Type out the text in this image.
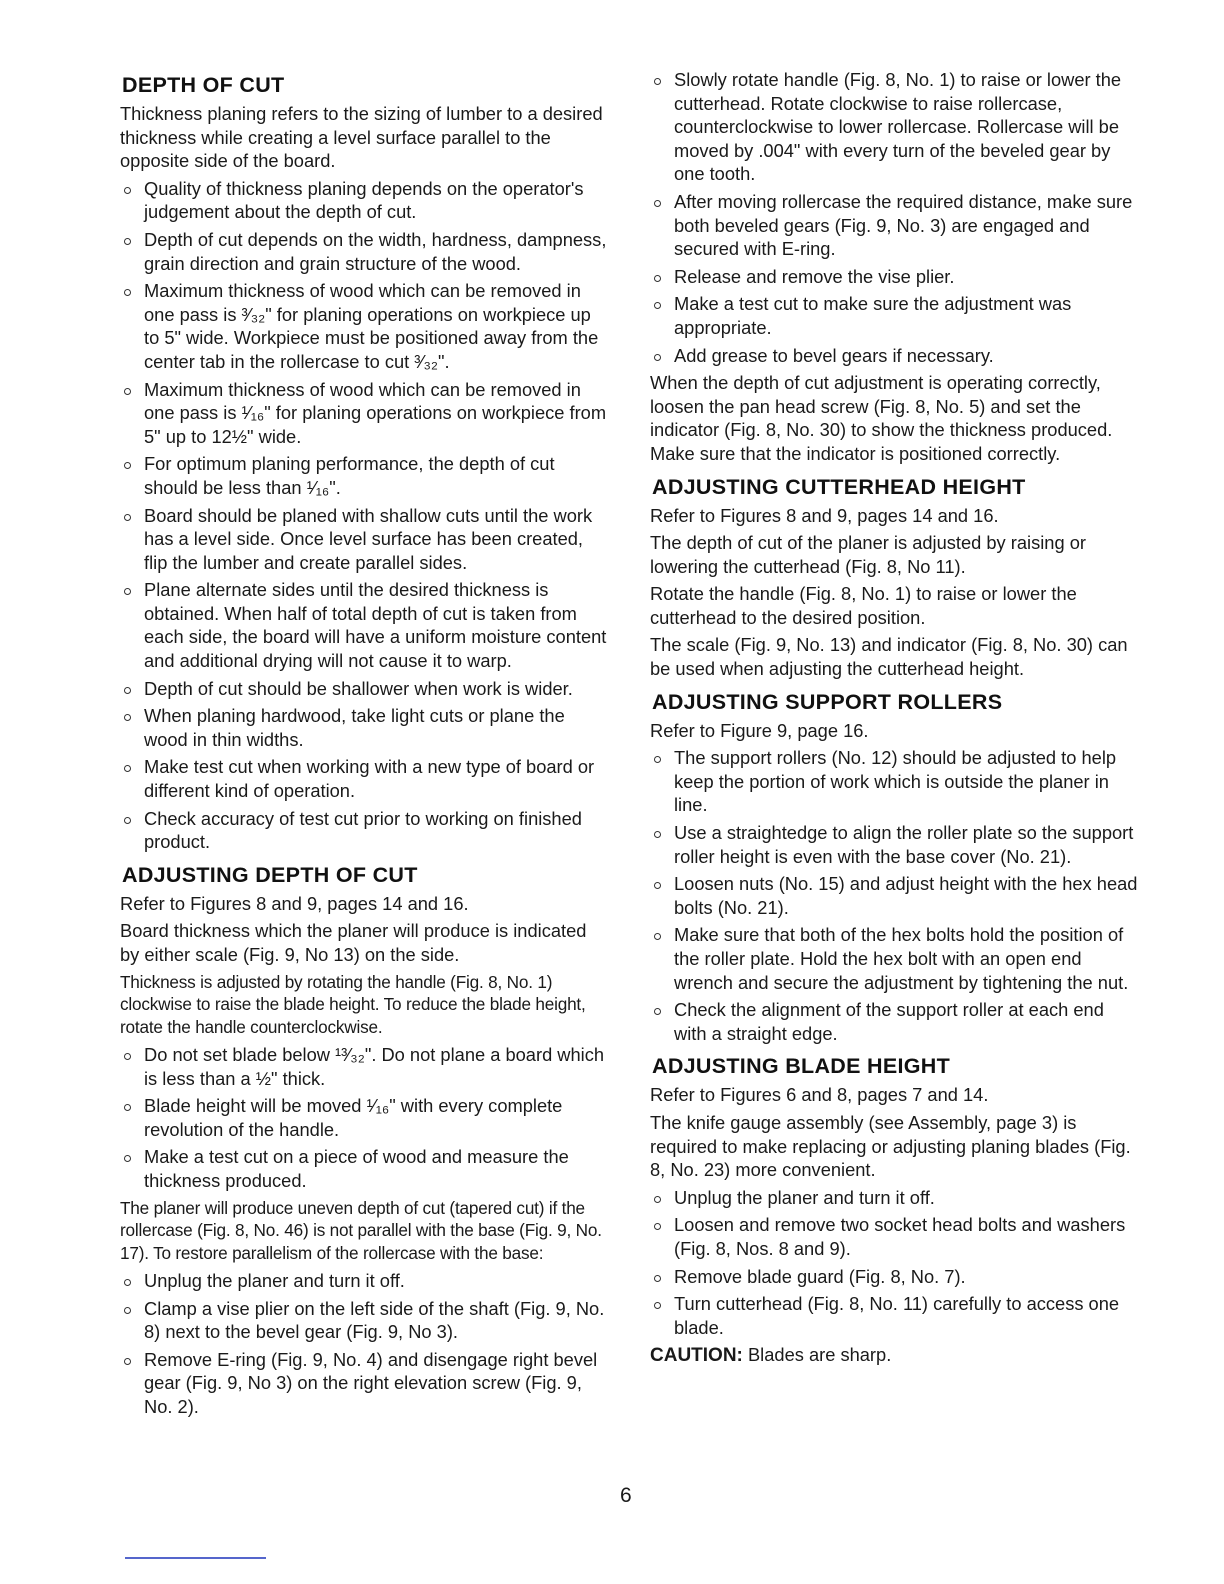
DEPTH OF CUT
Thickness planing refers to the sizing of lumber to a desired thickness while creating a level surface parallel to the opposite side of the board.
Quality of thickness planing depends on the operator's judgement about the depth of cut.
Depth of cut depends on the width, hardness, dampness, grain direction and grain structure of the wood.
Maximum thickness of wood which can be removed in one pass is ³⁄₃₂" for planing operations on workpiece up to 5" wide. Workpiece must be positioned away from the center tab in the rollercase to cut ³⁄₃₂".
Maximum thickness of wood which can be removed in one pass is ¹⁄₁₆" for planing operations on workpiece from 5" up to 12½" wide.
For optimum planing performance, the depth of cut should be less than ¹⁄₁₆".
Board should be planed with shallow cuts until the work has a level side. Once level surface has been created, flip the lumber and create parallel sides.
Plane alternate sides until the desired thickness is obtained. When half of total depth of cut is taken from each side, the board will have a uniform moisture content and additional drying will not cause it to warp.
Depth of cut should be shallower when work is wider.
When planing hardwood, take light cuts or plane the wood in thin widths.
Make test cut when working with a new type of board or different kind of operation.
Check accuracy of test cut prior to working on finished product.
ADJUSTING DEPTH OF CUT
Refer to Figures 8 and 9, pages 14 and 16.
Board thickness which the planer will produce is indicated by either scale (Fig. 9, No 13) on the side.
Thickness is adjusted by rotating the handle (Fig. 8, No. 1) clockwise to raise the blade height. To reduce the blade height, rotate the handle counterclockwise.
Do not set blade below ¹³⁄₃₂". Do not plane a board which is less than a ½" thick.
Blade height will be moved ¹⁄₁₆" with every complete revolution of the handle.
Make a test cut on a piece of wood and measure the thickness produced.
The planer will produce uneven depth of cut (tapered cut) if the rollercase (Fig. 8, No. 46) is not parallel with the base (Fig. 9, No. 17). To restore parallelism of the rollercase with the base:
Unplug the planer and turn it off.
Clamp a vise plier on the left side of the shaft (Fig. 9, No. 8) next to the bevel gear (Fig. 9, No 3).
Remove E-ring (Fig. 9, No. 4) and disengage right bevel gear (Fig. 9, No 3) on the right elevation screw (Fig. 9, No. 2).
Slowly rotate handle (Fig. 8, No. 1) to raise or lower the cutterhead. Rotate clockwise to raise rollercase, counterclockwise to lower rollercase. Rollercase will be moved by .004" with every turn of the beveled gear by one tooth.
After moving rollercase the required distance, make sure both beveled gears (Fig. 9, No. 3) are engaged and secured with E-ring.
Release and remove the vise plier.
Make a test cut to make sure the adjustment was appropriate.
Add grease to bevel gears if necessary.
When the depth of cut adjustment is operating correctly, loosen the pan head screw (Fig. 8, No. 5) and set the indicator (Fig. 8, No. 30) to show the thickness produced. Make sure that the indicator is positioned correctly.
ADJUSTING CUTTERHEAD HEIGHT
Refer to Figures 8 and 9, pages 14 and 16.
The depth of cut of the planer is adjusted by raising or lowering the cutterhead (Fig. 8, No 11).
Rotate the handle (Fig. 8, No. 1) to raise or lower the cutterhead to the desired position.
The scale (Fig. 9, No. 13) and indicator (Fig. 8, No. 30) can be used when adjusting the cutterhead height.
ADJUSTING SUPPORT ROLLERS
Refer to Figure 9, page 16.
The support rollers (No. 12) should be adjusted to help keep the portion of work which is outside the planer in line.
Use a straightedge to align the roller plate so the support roller height is even with the base cover (No. 21).
Loosen nuts (No. 15) and adjust height with the hex head bolts (No. 21).
Make sure that both of the hex bolts hold the position of the roller plate. Hold the hex bolt with an open end wrench and secure the adjustment by tightening the nut.
Check the alignment of the support roller at each end with a straight edge.
ADJUSTING BLADE HEIGHT
Refer to Figures 6 and 8, pages 7 and 14.
The knife gauge assembly (see Assembly, page 3) is required to make replacing or adjusting planing blades (Fig. 8, No. 23) more convenient.
Unplug the planer and turn it off.
Loosen and remove two socket head bolts and washers (Fig. 8, Nos. 8 and 9).
Remove blade guard (Fig. 8, No. 7).
Turn cutterhead (Fig. 8, No. 11) carefully to access one blade.
CAUTION: Blades are sharp.
6
